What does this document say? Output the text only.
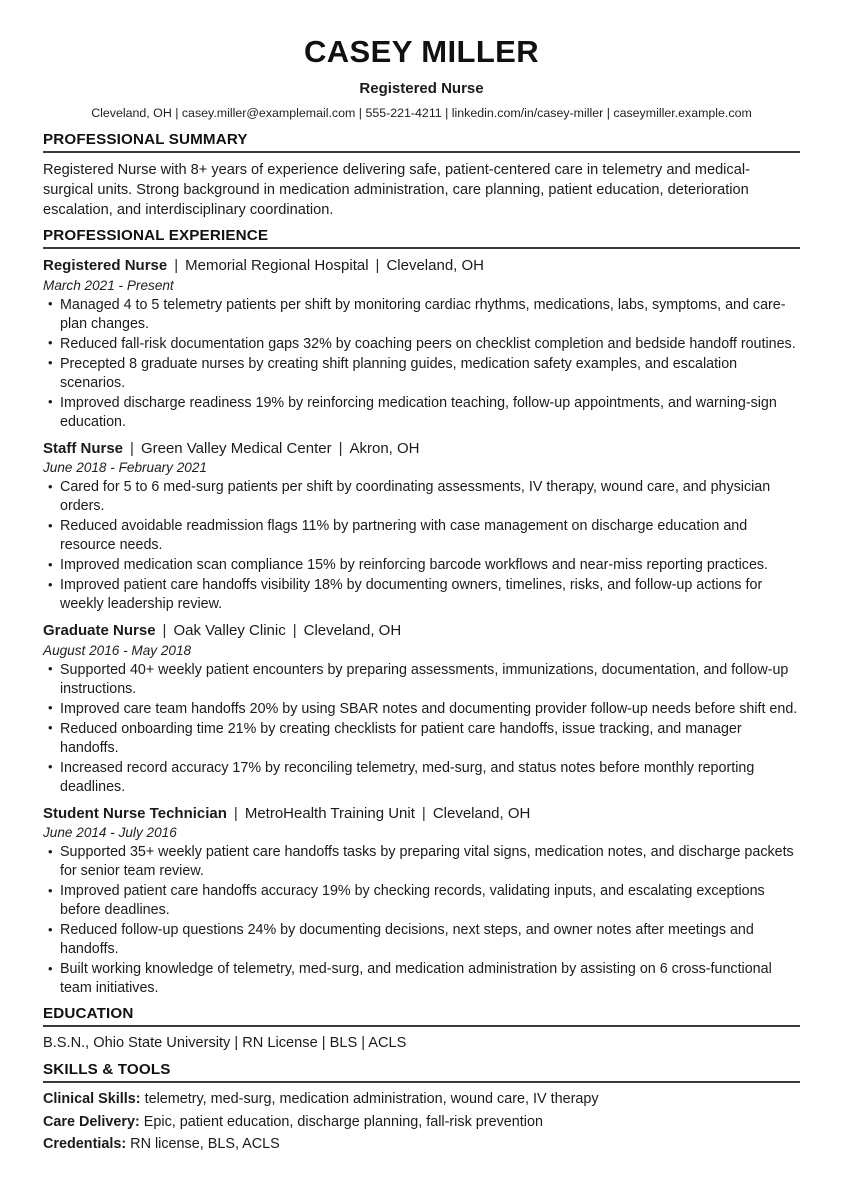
CASEY MILLER
Registered Nurse
Cleveland, OH | casey.miller@examplemail.com | 555-221-4211 | linkedin.com/in/casey-miller | caseymiller.example.com
PROFESSIONAL SUMMARY
Registered Nurse with 8+ years of experience delivering safe, patient-centered care in telemetry and medical-surgical units. Strong background in medication administration, care planning, patient education, deterioration escalation, and interdisciplinary coordination.
PROFESSIONAL EXPERIENCE
Registered Nurse | Memorial Regional Hospital | Cleveland, OH
March 2021 - Present
• Managed 4 to 5 telemetry patients per shift by monitoring cardiac rhythms, medications, labs, symptoms, and care-plan changes.
• Reduced fall-risk documentation gaps 32% by coaching peers on checklist completion and bedside handoff routines.
• Precepted 8 graduate nurses by creating shift planning guides, medication safety examples, and escalation scenarios.
• Improved discharge readiness 19% by reinforcing medication teaching, follow-up appointments, and warning-sign education.
Staff Nurse | Green Valley Medical Center | Akron, OH
June 2018 - February 2021
• Cared for 5 to 6 med-surg patients per shift by coordinating assessments, IV therapy, wound care, and physician orders.
• Reduced avoidable readmission flags 11% by partnering with case management on discharge education and resource needs.
• Improved medication scan compliance 15% by reinforcing barcode workflows and near-miss reporting practices.
• Improved patient care handoffs visibility 18% by documenting owners, timelines, risks, and follow-up actions for weekly leadership review.
Graduate Nurse | Oak Valley Clinic | Cleveland, OH
August 2016 - May 2018
• Supported 40+ weekly patient encounters by preparing assessments, immunizations, documentation, and follow-up instructions.
• Improved care team handoffs 20% by using SBAR notes and documenting provider follow-up needs before shift end.
• Reduced onboarding time 21% by creating checklists for patient care handoffs, issue tracking, and manager handoffs.
• Increased record accuracy 17% by reconciling telemetry, med-surg, and status notes before monthly reporting deadlines.
Student Nurse Technician | MetroHealth Training Unit | Cleveland, OH
June 2014 - July 2016
• Supported 35+ weekly patient care handoffs tasks by preparing vital signs, medication notes, and discharge packets for senior team review.
• Improved patient care handoffs accuracy 19% by checking records, validating inputs, and escalating exceptions before deadlines.
• Reduced follow-up questions 24% by documenting decisions, next steps, and owner notes after meetings and handoffs.
• Built working knowledge of telemetry, med-surg, and medication administration by assisting on 6 cross-functional team initiatives.
EDUCATION
B.S.N., Ohio State University | RN License | BLS | ACLS
SKILLS & TOOLS
Clinical Skills: telemetry, med-surg, medication administration, wound care, IV therapy
Care Delivery: Epic, patient education, discharge planning, fall-risk prevention
Credentials: RN license, BLS, ACLS
